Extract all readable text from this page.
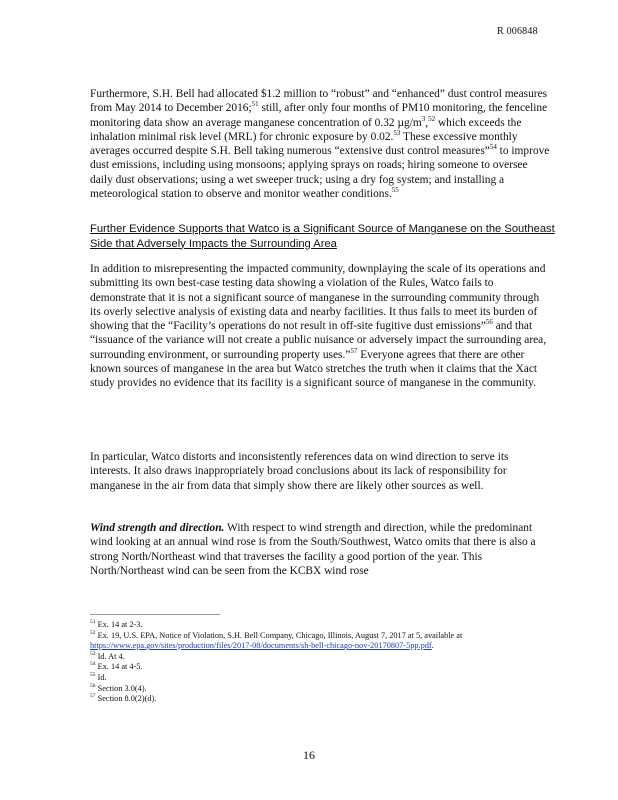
R 006848

Furthermore, S.H. Bell had allocated $1.2 million to “robust” and “enhanced” dust control measures from May 2014 to December 2016;$^{51}$ still, after only four months of PM10 monitoring, the fenceline monitoring data show an average manganese concentration of 0.32 $\mu g/m^3,^{52}$ which exceeds the inhalation minimal risk level (MRL) for chronic exposure by 0.02.53 These excessive monthly averages occurred despite S.H. Bell taking numerous “extensive dust control measures”$^{54}$ to improve dust emissions, including using monsoons; applying sprays on roads; hiring someone to oversee daily dust observations; using a wet sweeper truck; using a dry fog system; and installing a meteorological station to observe and monitor weather conditions.$^{55}$

Further Evidence Supports that Watco is a Significant Source of Manganese on the Southeast Side that Adversely Impacts the Surrounding Area

In addition to misrepresenting the impacted community, downplaying the scale of its operations and submitting its own best-case testing data showing a violation of the Rules, Watco fails to demonstrate that it is not a significant source of manganese in the surrounding community through its overly selective analysis of existing data and nearby facilities. It thus fails to meet its burden of showing that the “Facility’s operations do not result in off-site fugitive dust emissions”$^{56}$ and that “issuance of the variance will not create a public nuisance or adversely impact the surrounding area, surrounding environment, or surrounding property uses.”$^{57}$ Everyone agrees that there are other known sources of manganese in the area but Watco stretches the truth when it claims that the Xact study provides no evidence that its facility is a significant source of manganese in the community.

In particular, Watco distorts and inconsistently references data on wind direction to serve its interests. It also draws inappropriately broad conclusions about its lack of responsibility for manganese in the air from data that simply show there are likely other sources as well.

Wind strength and direction. With respect to wind strength and direction, while the predominant wind looking at an annual wind rose is from the South/Southwest, Watco omits that there is also a strong North/Northeast wind that traverses the facility a good portion of the year. This North/Northeast wind can be seen from the KCBX wind rose

$^{51}$ Ex. 14 at 2-3.

$^{52}$ Ex. 19, U.S. EPA, Notice of Violation, S.H. Bell Company, Chicago, Illinois, August 7, 2017 at 5, available at https://www.epa.gov/sites/production/files/2017-08/documents/sh-bell-chicago-nov-20170807-5pp.pdf.

$^{53}$ Id. At 4.

$^{54}$ Ex. 14 at 4-5.

$^{55}$ Id.

$^{56}$ Section 3.0(4).

$^{57}$ Section 8.0(2)(d).

16
